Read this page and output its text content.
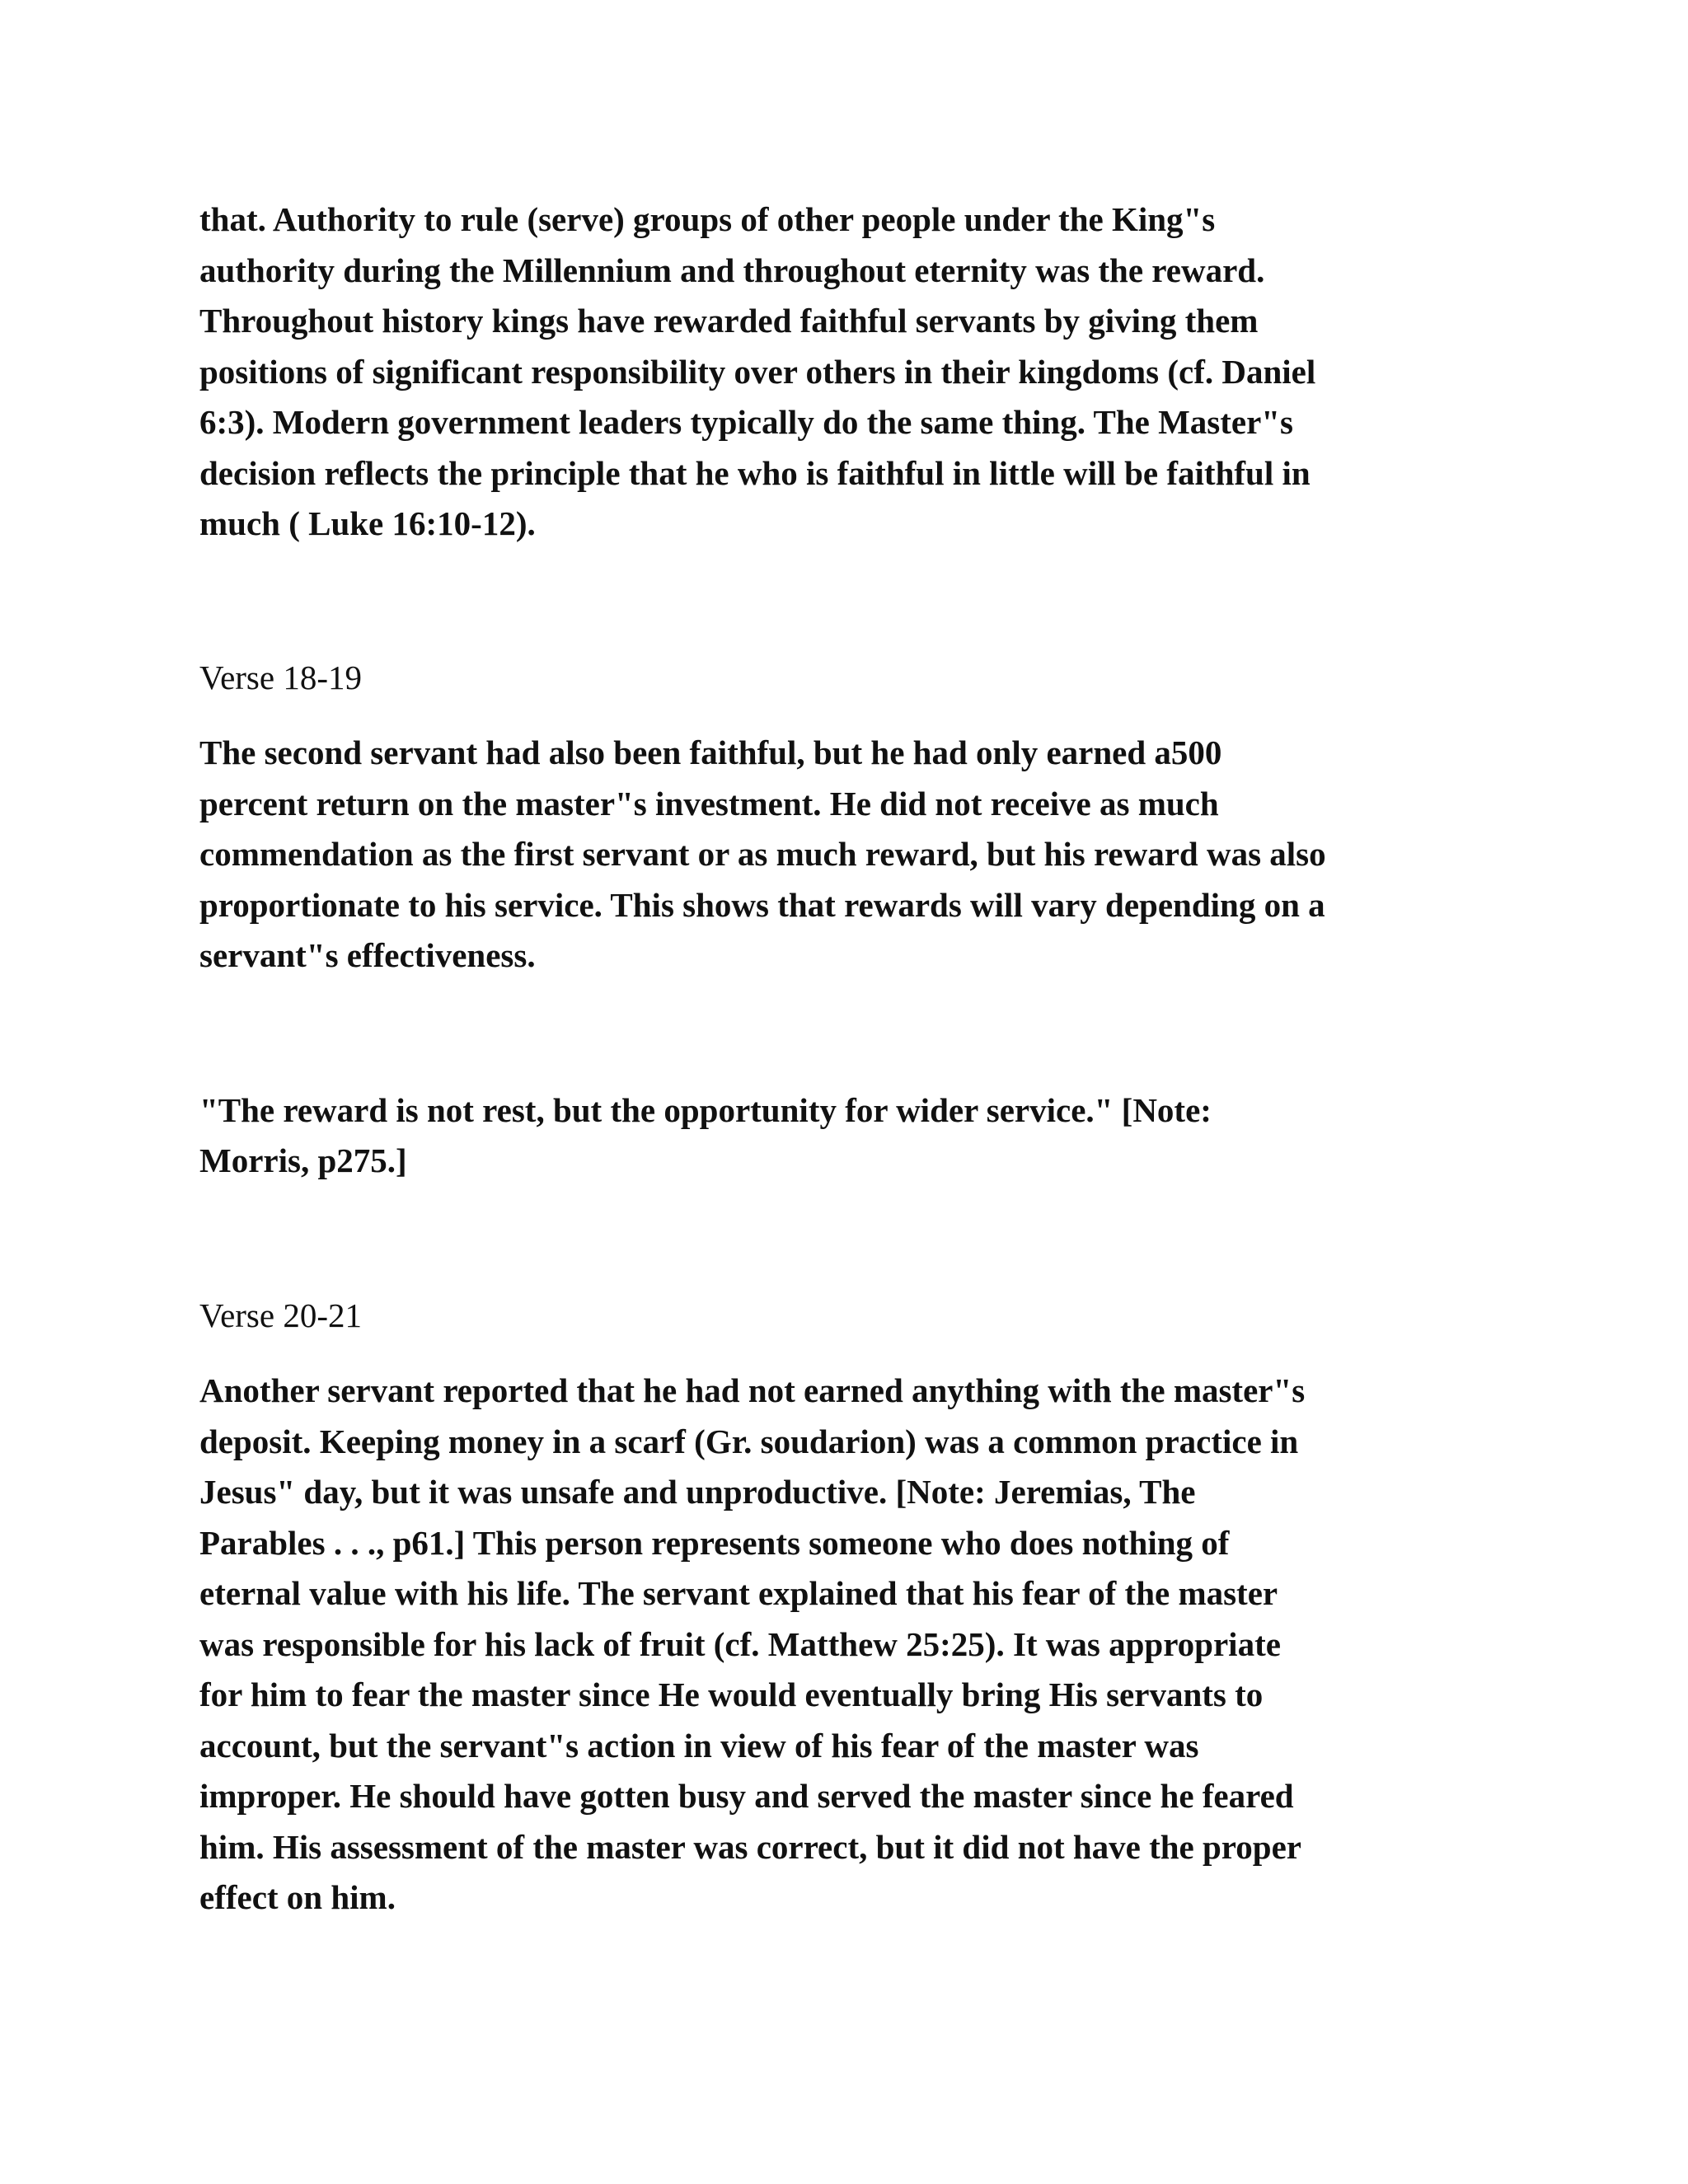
that. Authority to rule (serve) groups of other people under the King"s
authority during the Millennium and throughout eternity was the reward.
Throughout history kings have rewarded faithful servants by giving them
positions of significant responsibility over others in their kingdoms (cf. Daniel
6:3). Modern government leaders typically do the same thing. The Master"s
decision reflects the principle that he who is faithful in little will be faithful in
much ( Luke 16:10-12).

Verse 18-19

The second servant had also been faithful, but he had only earned a500
percent return on the master"s investment. He did not receive as much
commendation as the first servant or as much reward, but his reward was also
proportionate to his service. This shows that rewards will vary depending on a
servant"s effectiveness.

"The reward is not rest, but the opportunity for wider service." [Note:
Morris, p275.]

Verse 20-21

Another servant reported that he had not earned anything with the master"s
deposit. Keeping money in a scarf (Gr. soudarion) was a common practice in
Jesus" day, but it was unsafe and unproductive. [Note: Jeremias, The
Parables . . ., p61.] This person represents someone who does nothing of
eternal value with his life. The servant explained that his fear of the master
was responsible for his lack of fruit (cf. Matthew 25:25). It was appropriate
for him to fear the master since He would eventually bring His servants to
account, but the servant"s action in view of his fear of the master was
improper. He should have gotten busy and served the master since he feared
him. His assessment of the master was correct, but it did not have the proper
effect on him.
